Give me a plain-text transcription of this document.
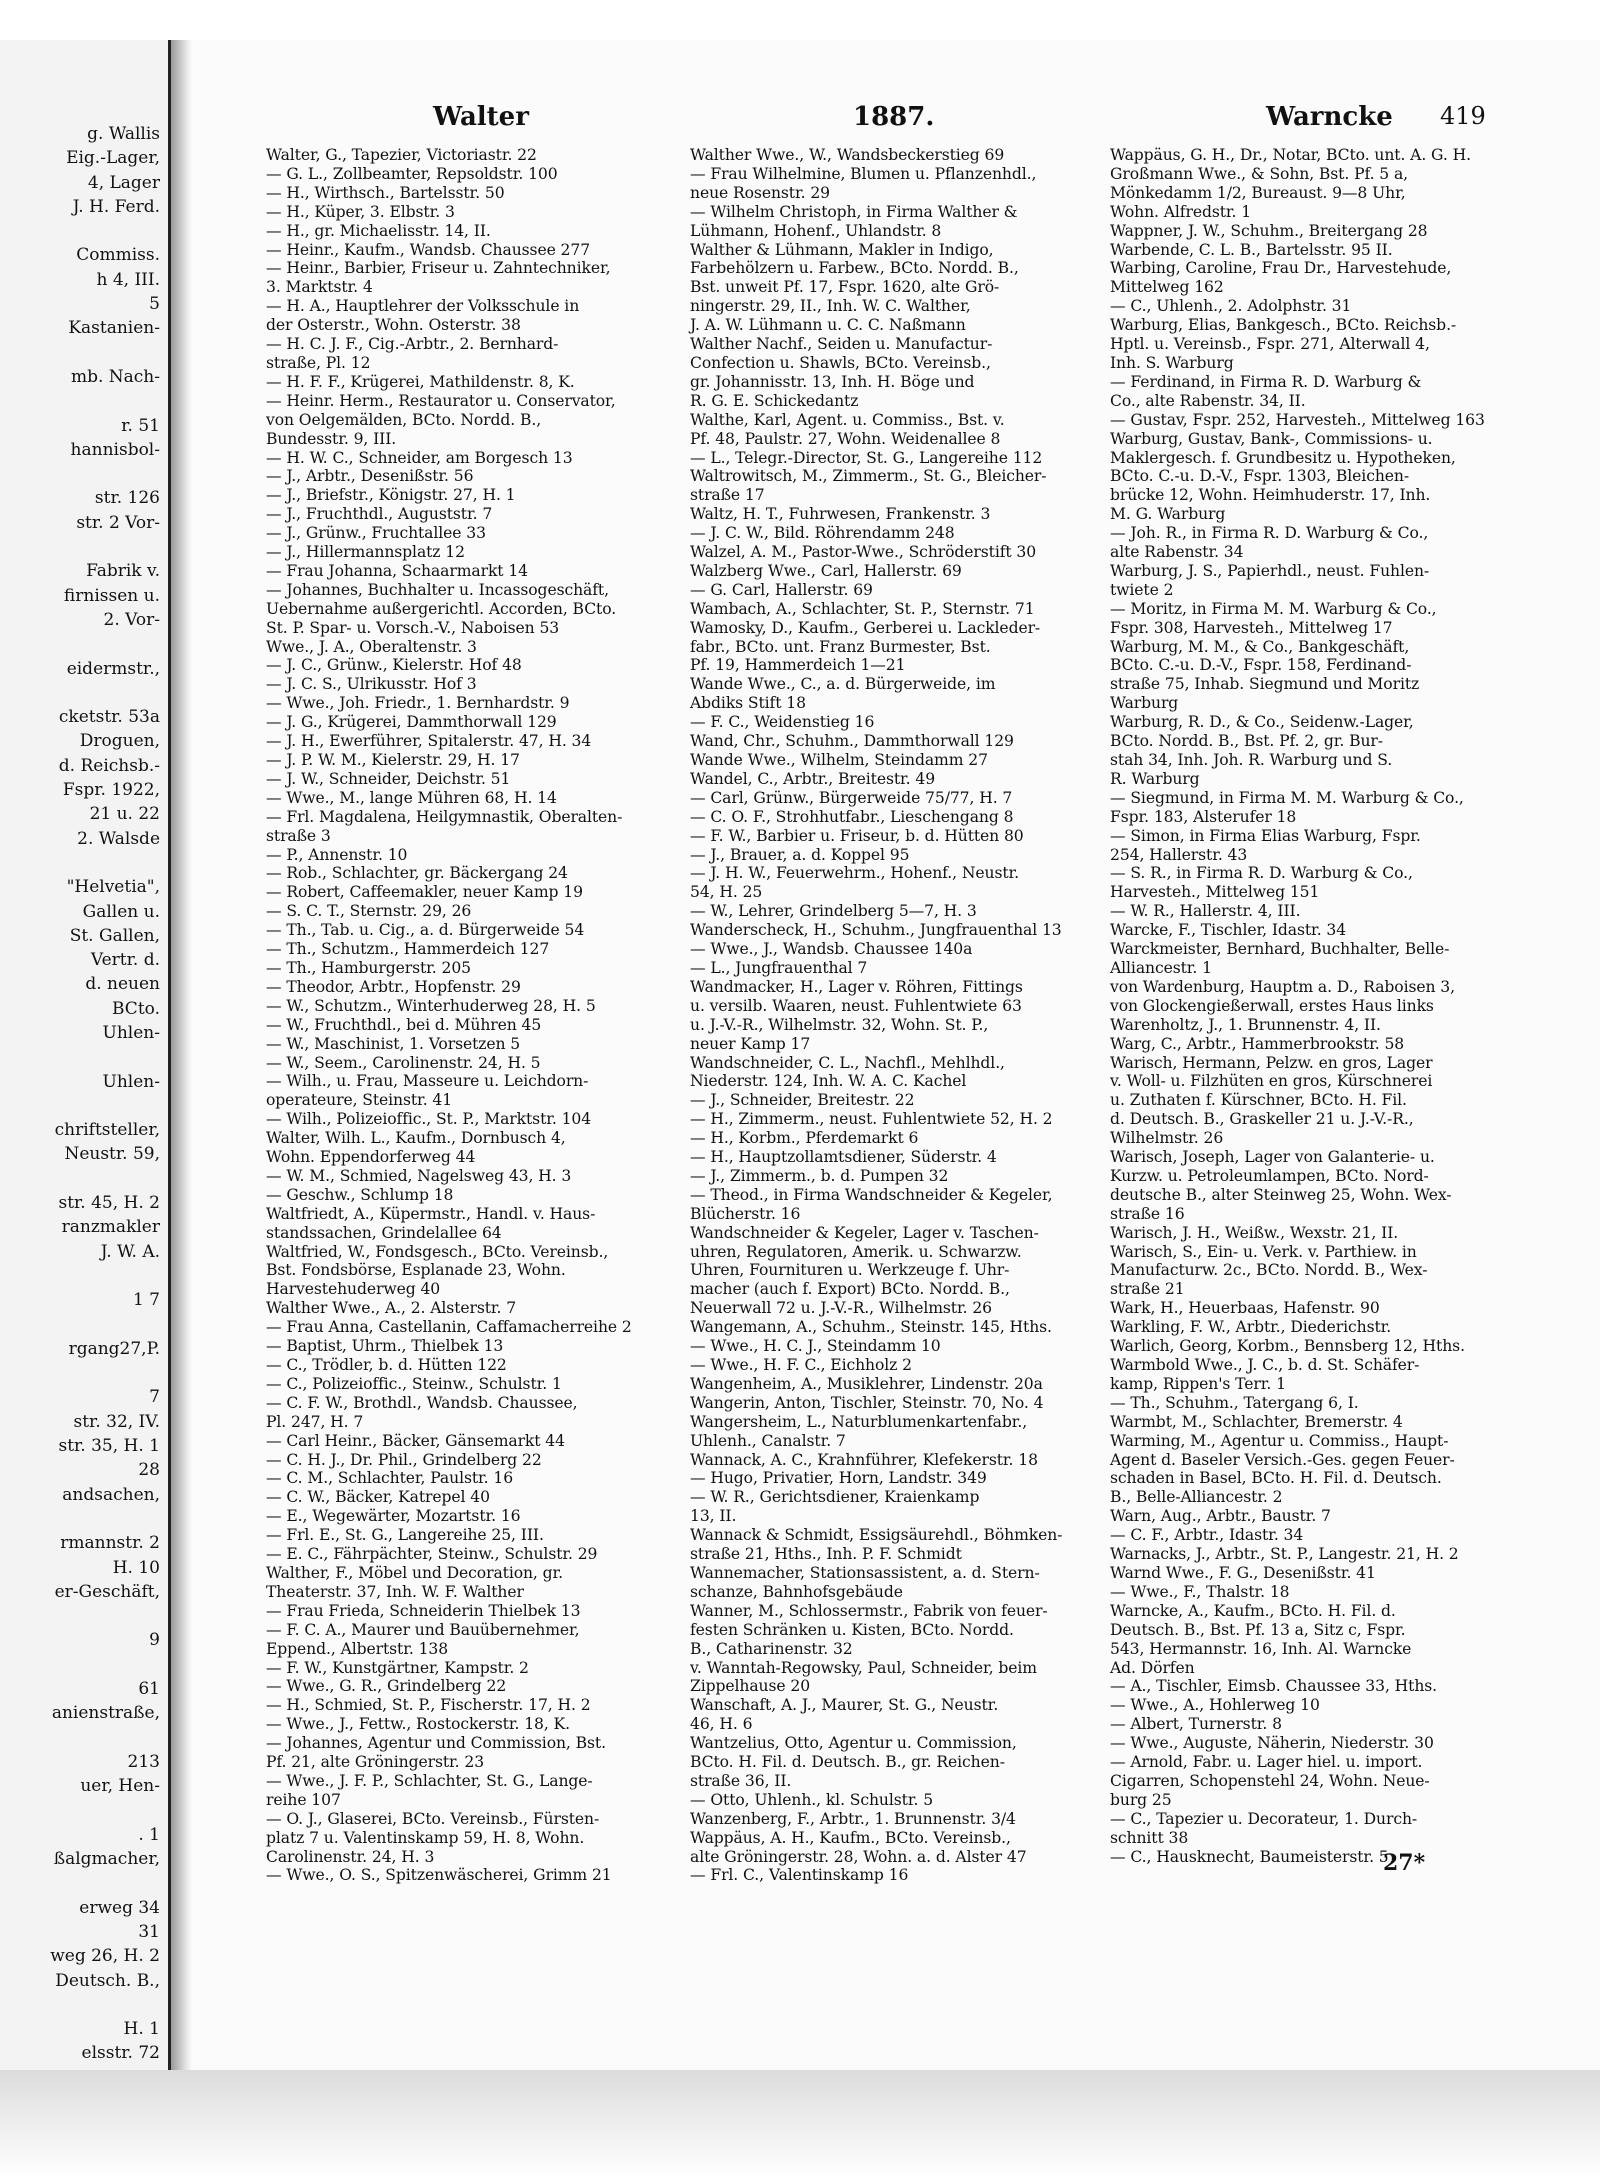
g. Wallis
Eig.-Lager,
4, Lager
J. H. Ferd.

Commiss.
h 4, III.
5
Kastanien-

mb. Nach-

r. 51
hannisbol-

str. 126
str. 2 Vor-

Fabrik v.
firnissen u.
2. Vor-

eidermstr.,

cketstr. 53a
Droguen,
d. Reichsb.-
Fspr. 1922,
21 u. 22
2. Walsde

"Helvetia",
Gallen u.
St. Gallen,
Vertr. d.
d. neuen
BCto.
Uhlen-

Uhlen-

chriftsteller,
Neustr. 59,

str. 45, H. 2
ranzmakler
J. W. A.

1 7

rgang27,P.

7
str. 32, IV.
str. 35, H. 1
28
andsachen,

rmannstr. 2
H. 10
er-Geschäft,

9

61
anienstraße,

213
uer, Hen-

. 1
ßalgmacher,

erweg 34
31
weg 26, H. 2
Deutsch. B.,

H. 1
elsstr. 72

Walter	1887.	Warncke 419
Walter, G., Tapezier, Victoriastr. 22
— G. L., Zollbeamter, Repsoldstr. 100
— H., Wirthsch., Bartelsstr. 50
— H., Küper, 3. Elbstr. 3
— H., gr. Michaelisstr. 14, II.
— Heinr., Kaufm., Wandsb. Chaussee 277
— Heinr., Barbier, Friseur u. Zahntechniker,
3. Marktstr. 4
— H. A., Hauptlehrer der Volksschule in
der Osterstr., Wohn. Osterstr. 38
— H. C. J. F., Cig.-Arbtr., 2. Bernhard-
straße, Pl. 12
— H. F. F., Krügerei, Mathildenstr. 8, K.
— Heinr. Herm., Restaurator u. Conservator,
von Oelgemälden, BCto. Nordd. B.,
Bundesstr. 9, III.
— H. W. C., Schneider, am Borgesch 13
— J., Arbtr., Desenißstr. 56
— J., Briefstr., Königstr. 27, H. 1
— J., Fruchthdl., Auguststr. 7
— J., Grünw., Fruchtallee 33
— J., Hillermannsplatz 12
— Frau Johanna, Schaarmarkt 14
— Johannes, Buchhalter u. Incassogeschäft,
Uebernahme außergerichtl. Accorden, BCto.
St. P. Spar- u. Vorsch.-V., Naboisen 53
Wwe., J. A., Oberaltenstr. 3
— J. C., Grünw., Kielerstr. Hof 48
— J. C. S., Ulrikusstr. Hof 3
— Wwe., Joh. Friedr., 1. Bernhardstr. 9
— J. G., Krügerei, Dammthorwall 129
— J. H., Ewerführer, Spitalerstr. 47, H. 34
— J. P. W. M., Kielerstr. 29, H. 17
— J. W., Schneider, Deichstr. 51
— Wwe., M., lange Mühren 68, H. 14
— Frl. Magdalena, Heilgymnastik, Oberalten-
straße 3
— P., Annenstr. 10
— Rob., Schlachter, gr. Bäckergang 24
— Robert, Caffeemakler, neuer Kamp 19
— S. C. T., Sternstr. 29, 26
— Th., Tab. u. Cig., a. d. Bürgerweide 54
— Th., Schutzm., Hammerdeich 127
— Th., Hamburgerstr. 205
— Theodor, Arbtr., Hopfenstr. 29
— W., Schutzm., Winterhuderweg 28, H. 5
— W., Fruchthdl., bei d. Mühren 45
— W., Maschinist, 1. Vorsetzen 5
— W., Seem., Carolinenstr. 24, H. 5
— Wilh., u. Frau, Masseure u. Leichdorn-
operateure, Steinstr. 41
— Wilh., Polizeioffic., St. P., Marktstr. 104
Walter, Wilh. L., Kaufm., Dornbusch 4,
Wohn. Eppendorferweg 44
— W. M., Schmied, Nagelsweg 43, H. 3
— Geschw., Schlump 18
Waltfriedt, A., Küpermstr., Handl. v. Haus-
standssachen, Grindelallee 64
Waltfried, W., Fondsgesch., BCto. Vereinsb.,
Bst. Fondsbörse, Esplanade 23, Wohn.
Harvestehuderweg 40
Walther Wwe., A., 2. Alsterstr. 7
— Frau Anna, Castellanin, Caffamacherreihe 2
— Baptist, Uhrm., Thielbek 13
— C., Trödler, b. d. Hütten 122
— C., Polizeioffic., Steinw., Schulstr. 1
— C. F. W., Brothdl., Wandsb. Chaussee,
Pl. 247, H. 7
— Carl Heinr., Bäcker, Gänsemarkt 44
— C. H. J., Dr. Phil., Grindelberg 22
— C. M., Schlachter, Paulstr. 16
— C. W., Bäcker, Katrepel 40
— E., Wegewärter, Mozartstr. 16
— Frl. E., St. G., Langereihe 25, III.
— E. C., Fährpächter, Steinw., Schulstr. 29
Walther, F., Möbel und Decoration, gr.
Theaterstr. 37, Inh. W. F. Walther
— Frau Frieda, Schneiderin Thielbek 13
— F. C. A., Maurer und Bauübernehmer,
Eppend., Albertstr. 138
— F. W., Kunstgärtner, Kampstr. 2
— Wwe., G. R., Grindelberg 22
— H., Schmied, St. P., Fischerstr. 17, H. 2
— Wwe., J., Fettw., Rostockerstr. 18, K.
— Johannes, Agentur und Commission, Bst.
Pf. 21, alte Gröningerstr. 23
— Wwe., J. F. P., Schlachter, St. G., Lange-
reihe 107
— O. J., Glaserei, BCto. Vereinsb., Fürsten-
platz 7 u. Valentinskamp 59, H. 8, Wohn.
Carolinenstr. 24, H. 3
— Wwe., O. S., Spitzenwäscherei, Grimm 21
Walther Wwe., W., Wandsbeckerstieg 69
— Frau Wilhelmine, Blumen u. Pflanzenhdl.,
neue Rosenstr. 29
— Wilhelm Christoph, in Firma Walther &
Lühmann, Hohenf., Uhlandstr. 8
Walther & Lühmann, Makler in Indigo,
Farbehölzern u. Farbew., BCto. Nordd. B.,
Bst. unweit Pf. 17, Fspr. 1620, alte Grö-
ningerstr. 29, II., Inh. W. C. Walther,
J. A. W. Lühmann u. C. C. Naßmann
Walther Nachf., Seiden u. Manufactur-
Confection u. Shawls, BCto. Vereinsb.,
gr. Johannisstr. 13, Inh. H. Böge und
R. G. E. Schickedantz
Walthe, Karl, Agent. u. Commiss., Bst. v.
Pf. 48, Paulstr. 27, Wohn. Weidenallee 8
— L., Telegr.-Director, St. G., Langereihe 112
Waltrowitsch, M., Zimmerm., St. G., Bleicher-
straße 17
Waltz, H. T., Fuhrwesen, Frankenstr. 3
— J. C. W., Bild. Röhrendamm 248
Walzel, A. M., Pastor-Wwe., Schröderstift 30
Walzberg Wwe., Carl, Hallerstr. 69
— G. Carl, Hallerstr. 69
Wambach, A., Schlachter, St. P., Sternstr. 71
Wamosky, D., Kaufm., Gerberei u. Lackleder-
fabr., BCto. unt. Franz Burmester, Bst.
Pf. 19, Hammerdeich 1—21
Wande Wwe., C., a. d. Bürgerweide, im
Abdiks Stift 18
— F. C., Weidenstieg 16
Wand, Chr., Schuhm., Dammthorwall 129
Wande Wwe., Wilhelm, Steindamm 27
Wandel, C., Arbtr., Breitestr. 49
— Carl, Grünw., Bürgerweide 75/77, H. 7
— C. O. F., Strohhutfabr., Lieschengang 8
— F. W., Barbier u. Friseur, b. d. Hütten 80
— J., Brauer, a. d. Koppel 95
— J. H. W., Feuerwehrm., Hohenf., Neustr.
54, H. 25
— W., Lehrer, Grindelberg 5—7, H. 3
Wanderscheck, H., Schuhm., Jungfrauenthal 13
— Wwe., J., Wandsb. Chaussee 140a
— L., Jungfrauenthal 7
Wandmacker, H., Lager v. Röhren, Fittings
u. versilb. Waaren, neust. Fuhlentwiete 63
u. J.-V.-R., Wilhelmstr. 32, Wohn. St. P.,
neuer Kamp 17
Wandschneider, C. L., Nachfl., Mehlhdl.,
Niederstr. 124, Inh. W. A. C. Kachel
— J., Schneider, Breitestr. 22
— H., Zimmerm., neust. Fuhlentwiete 52, H. 2
— H., Korbm., Pferdemarkt 6
— H., Hauptzollamtsdiener, Süderstr. 4
— J., Zimmerm., b. d. Pumpen 32
— Theod., in Firma Wandschneider & Kegeler,
Blücherstr. 16
Wandschneider & Kegeler, Lager v. Taschen-
uhren, Regulatoren, Amerik. u. Schwarzw.
Uhren, Fournituren u. Werkzeuge f. Uhr-
macher (auch f. Export) BCto. Nordd. B.,
Neuerwall 72 u. J.-V.-R., Wilhelmstr. 26
Wangemann, A., Schuhm., Steinstr. 145, Hths.
— Wwe., H. C. J., Steindamm 10
— Wwe., H. F. C., Eichholz 2
Wangenheim, A., Musiklehrer, Lindenstr. 20a
Wangerin, Anton, Tischler, Steinstr. 70, No. 4
Wangersheim, L., Naturblumenkartenfabr.,
Uhlenh., Canalstr. 7
Wannack, A. C., Krahnführer, Klefekerstr. 18
— Hugo, Privatier, Horn, Landstr. 349
— W. R., Gerichtsdiener, Kraienkamp
13, II.
Wannack & Schmidt, Essigsäurehdl., Böhmken-
straße 21, Hths., Inh. P. F. Schmidt
Wannemacher, Stationsassistent, a. d. Stern-
schanze, Bahnhofsgebäude
Wanner, M., Schlossermstr., Fabrik von feuer-
festen Schränken u. Kisten, BCto. Nordd.
B., Catharinenstr. 32
v. Wanntah-Regowsky, Paul, Schneider, beim
Zippelhause 20
Wanschaft, A. J., Maurer, St. G., Neustr.
46, H. 6
Wantzelius, Otto, Agentur u. Commission,
BCto. H. Fil. d. Deutsch. B., gr. Reichen-
straße 36, II.
— Otto, Uhlenh., kl. Schulstr. 5
Wanzenberg, F., Arbtr., 1. Brunnenstr. 3/4
Wappäus, A. H., Kaufm., BCto. Vereinsb.,
alte Gröningerstr. 28, Wohn. a. d. Alster 47
— Frl. C., Valentinskamp 16
Wappäus, G. H., Dr., Notar, BCto. unt. A. G. H.
Großmann Wwe., & Sohn, Bst. Pf. 5 a,
Mönkedamm 1/2, Bureaust. 9—8 Uhr,
Wohn. Alfredstr. 1
Wappner, J. W., Schuhm., Breitergang 28
Warbende, C. L. B., Bartelsstr. 95 II.
Warbing, Caroline, Frau Dr., Harvestehude,
Mittelweg 162
— C., Uhlenh., 2. Adolphstr. 31
Warburg, Elias, Bankgesch., BCto. Reichsb.-
Hptl. u. Vereinsb., Fspr. 271, Alterwall 4,
Inh. S. Warburg
— Ferdinand, in Firma R. D. Warburg &
Co., alte Rabenstr. 34, II.
— Gustav, Fspr. 252, Harvesteh., Mittelweg 163
Warburg, Gustav, Bank-, Commissions- u.
Maklergesch. f. Grundbesitz u. Hypotheken,
BCto. C.-u. D.-V., Fspr. 1303, Bleichen-
brücke 12, Wohn. Heimhuderstr. 17, Inh.
M. G. Warburg
— Joh. R., in Firma R. D. Warburg & Co.,
alte Rabenstr. 34
Warburg, J. S., Papierhdl., neust. Fuhlen-
twiete 2
— Moritz, in Firma M. M. Warburg & Co.,
Fspr. 308, Harvesteh., Mittelweg 17
Warburg, M. M., & Co., Bankgeschäft,
BCto. C.-u. D.-V., Fspr. 158, Ferdinand-
straße 75, Inhab. Siegmund und Moritz
Warburg
Warburg, R. D., & Co., Seidenw.-Lager,
BCto. Nordd. B., Bst. Pf. 2, gr. Bur-
stah 34, Inh. Joh. R. Warburg und S.
R. Warburg
— Siegmund, in Firma M. M. Warburg & Co.,
Fspr. 183, Alsterufer 18
— Simon, in Firma Elias Warburg, Fspr.
254, Hallerstr. 43
— S. R., in Firma R. D. Warburg & Co.,
Harvesteh., Mittelweg 151
— W. R., Hallerstr. 4, III.
Warcke, F., Tischler, Idastr. 34
Warckmeister, Bernhard, Buchhalter, Belle-
Alliancestr. 1
von Wardenburg, Hauptm a. D., Raboisen 3,
von Glockengießerwall, erstes Haus links
Warenholtz, J., 1. Brunnenstr. 4, II.
Warg, C., Arbtr., Hammerbrookstr. 58
Warisch, Hermann, Pelzw. en gros, Lager
v. Woll- u. Filzhüten en gros, Kürschnerei
u. Zuthaten f. Kürschner, BCto. H. Fil.
d. Deutsch. B., Graskeller 21 u. J.-V.-R.,
Wilhelmstr. 26
Warisch, Joseph, Lager von Galanterie- u.
Kurzw. u. Petroleumlampen, BCto. Nord-
deutsche B., alter Steinweg 25, Wohn. Wex-
straße 16
Warisch, J. H., Weißw., Wexstr. 21, II.
Warisch, S., Ein- u. Verk. v. Parthiew. in
Manufacturw. 2c., BCto. Nordd. B., Wex-
straße 21
Wark, H., Heuerbaas, Hafenstr. 90
Warkling, F. W., Arbtr., Diederichstr.
Warlich, Georg, Korbm., Bennsberg 12, Hths.
Warmbold Wwe., J. C., b. d. St. Schäfer-
kamp, Rippen's Terr. 1
— Th., Schuhm., Tatergang 6, I.
Warmbt, M., Schlachter, Bremerstr. 4
Warming, M., Agentur u. Commiss., Haupt-
Agent d. Baseler Versich.-Ges. gegen Feuer-
schaden in Basel, BCto. H. Fil. d. Deutsch.
B., Belle-Alliancestr. 2
Warn, Aug., Arbtr., Baustr. 7
— C. F., Arbtr., Idastr. 34
Warnacks, J., Arbtr., St. P., Langestr. 21, H. 2
Warnd Wwe., F. G., Desenißstr. 41
— Wwe., F., Thalstr. 18
Warncke, A., Kaufm., BCto. H. Fil. d.
Deutsch. B., Bst. Pf. 13 a, Sitz c, Fspr.
543, Hermannstr. 16, Inh. Al. Warncke
Ad. Dörfen
— A., Tischler, Eimsb. Chaussee 33, Hths.
— Wwe., A., Hohlerweg 10
— Albert, Turnerstr. 8
— Wwe., Auguste, Näherin, Niederstr. 30
— Arnold, Fabr. u. Lager hiel. u. import.
Cigarren, Schopenstehl 24, Wohn. Neue-
burg 25
— C., Tapezier u. Decorateur, 1. Durch-
schnitt 38
— C., Hausknecht, Baumeisterstr. 5
27*
